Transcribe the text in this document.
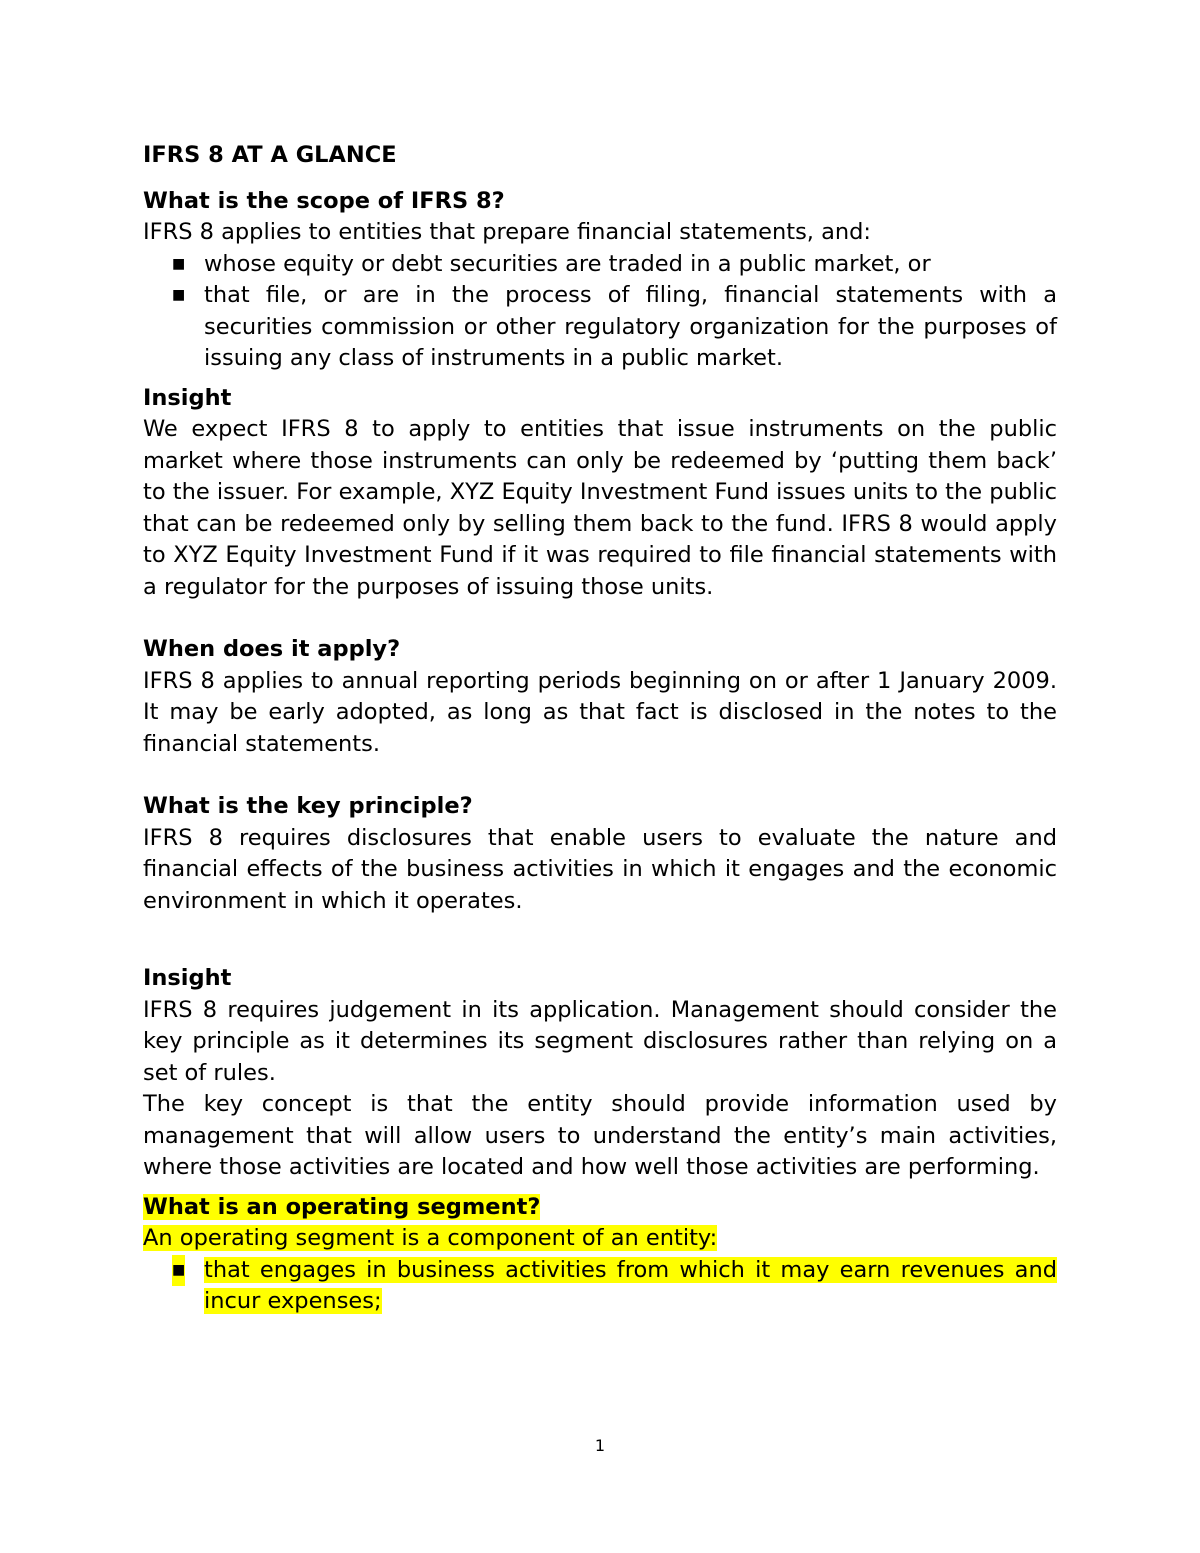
IFRS 8 AT A GLANCE

What is the scope of IFRS 8?

IFRS 8 applies to entities that prepare financial statements, and:

■ whose equity or debt securities are traded in a public market, or
■ that file, or are in the process of filing, financial statements with a securities commission or other regulatory organization for the purposes of issuing any class of instruments in a public market.

Insight

We expect IFRS 8 to apply to entities that issue instruments on the public market where those instruments can only be redeemed by ‘putting them back’ to the issuer. For example, XYZ Equity Investment Fund issues units to the public that can be redeemed only by selling them back to the fund. IFRS 8 would apply to XYZ Equity Investment Fund if it was required to file financial statements with a regulator for the purposes of issuing those units.

When does it apply?

IFRS 8 applies to annual reporting periods beginning on or after 1 January 2009. It may be early adopted, as long as that fact is disclosed in the notes to the financial statements.

What is the key principle?

IFRS 8 requires disclosures that enable users to evaluate the nature and financial effects of the business activities in which it engages and the economic environment in which it operates.

Insight

IFRS 8 requires judgement in its application. Management should consider the key principle as it determines its segment disclosures rather than relying on a set of rules.

The key concept is that the entity should provide information used by management that will allow users to understand the entity’s main activities, where those activities are located and how well those activities are performing.

What is an operating segment?

An operating segment is a component of an entity:

■ that engages in business activities from which it may earn revenues and incur expenses;
1
